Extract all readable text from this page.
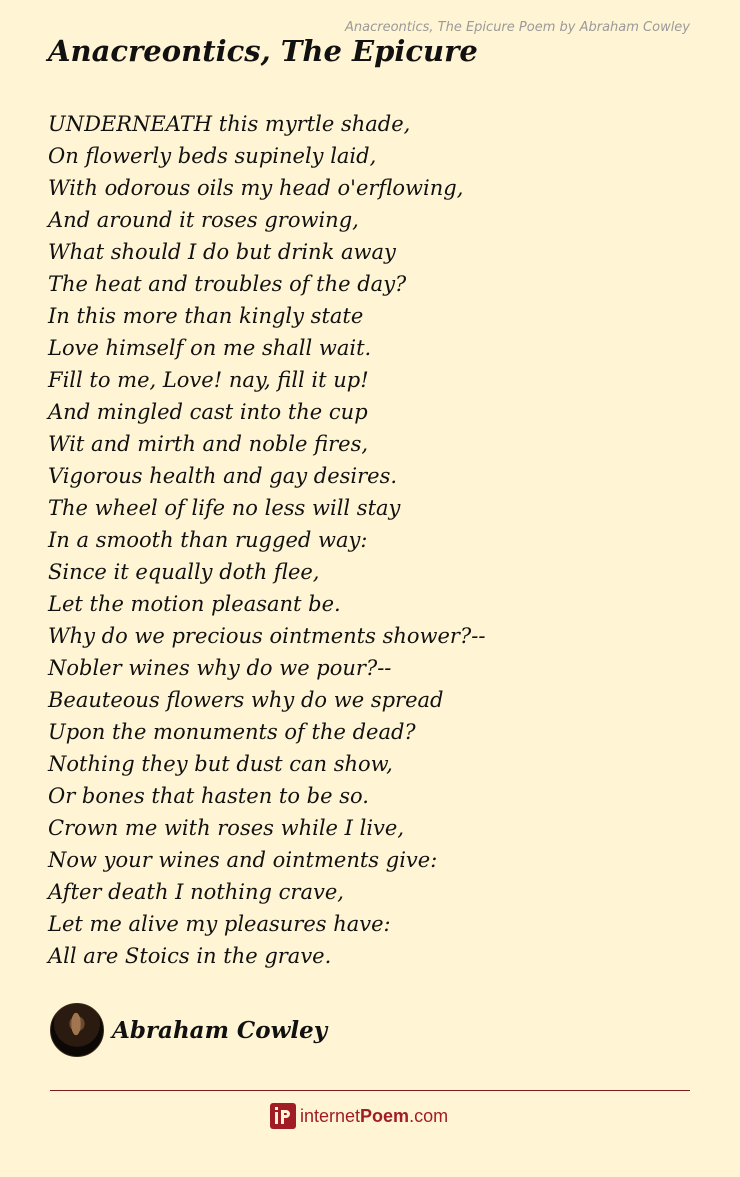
Anacreontics, The Epicure Poem by Abraham Cowley
Anacreontics, The Epicure
UNDERNEATH this myrtle shade,
On flowerly beds supinely laid,
With odorous oils my head o'erflowing,
And around it roses growing,
What should I do but drink away
The heat and troubles of the day?
In this more than kingly state
Love himself on me shall wait.
Fill to me, Love! nay, fill it up!
And mingled cast into the cup
Wit and mirth and noble fires,
Vigorous health and gay desires.
The wheel of life no less will stay
In a smooth than rugged way:
Since it equally doth flee,
Let the motion pleasant be.
Why do we precious ointments shower?--
Nobler wines why do we pour?--
Beauteous flowers why do we spread
Upon the monuments of the dead?
Nothing they but dust can show,
Or bones that hasten to be so.
Crown me with roses while I live,
Now your wines and ointments give:
After death I nothing crave,
Let me alive my pleasures have:
All are Stoics in the grave.
Abraham Cowley
internet Poem .com
